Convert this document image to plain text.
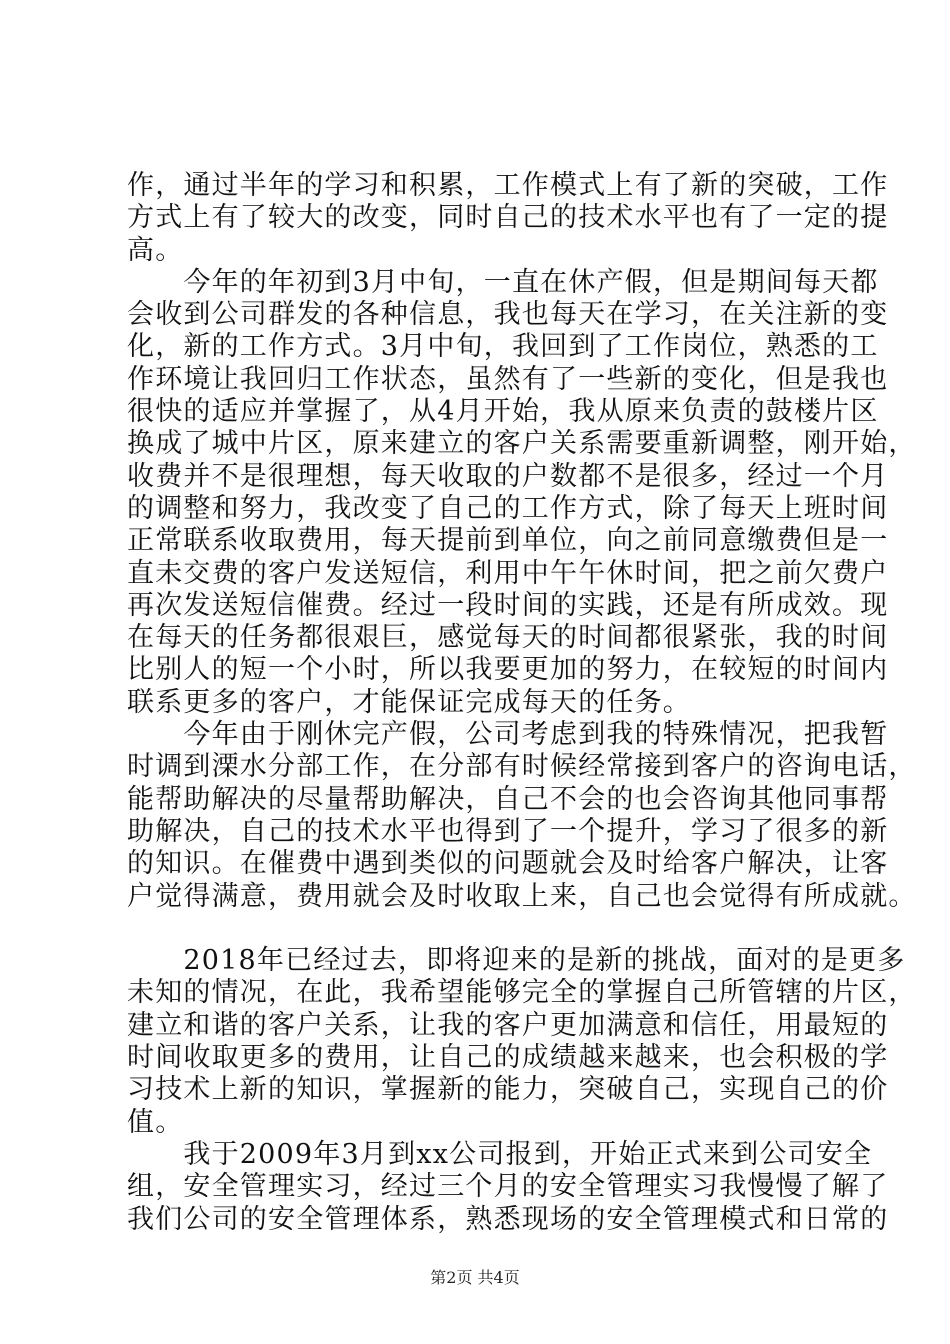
作，通过半年的学习和积累，工作模式上有了新的突破，工作
方式上有了较大的改变，同时自己的技术水平也有了一定的提
高。
　　今年的年初到3月中旬，一直在休产假，但是期间每天都
会收到公司群发的各种信息，我也每天在学习，在关注新的变
化，新的工作方式。3月中旬，我回到了工作岗位，熟悉的工
作环境让我回归工作状态，虽然有了一些新的变化，但是我也
很快的适应并掌握了，从4月开始，我从原来负责的鼓楼片区
换成了城中片区，原来建立的客户关系需要重新调整，刚开始，
收费并不是很理想，每天收取的户数都不是很多，经过一个月
的调整和努力，我改变了自己的工作方式，除了每天上班时间
正常联系收取费用，每天提前到单位，向之前同意缴费但是一
直未交费的客户发送短信，利用中午午休时间，把之前欠费户
再次发送短信催费。经过一段时间的实践，还是有所成效。现
在每天的任务都很艰巨，感觉每天的时间都很紧张，我的时间
比别人的短一个小时，所以我要更加的努力，在较短的时间内
联系更多的客户，才能保证完成每天的任务。
　　今年由于刚休完产假，公司考虑到我的特殊情况，把我暂
时调到溧水分部工作，在分部有时候经常接到客户的咨询电话，
能帮助解决的尽量帮助解决，自己不会的也会咨询其他同事帮
助解决，自己的技术水平也得到了一个提升，学习了很多的新
的知识。在催费中遇到类似的问题就会及时给客户解决，让客
户觉得满意，费用就会及时收取上来，自己也会觉得有所成就。
　　2018年已经过去，即将迎来的是新的挑战，面对的是更多
未知的情况，在此，我希望能够完全的掌握自己所管辖的片区，
建立和谐的客户关系，让我的客户更加满意和信任，用最短的
时间收取更多的费用，让自己的成绩越来越来，也会积极的学
习技术上新的知识，掌握新的能力，突破自己，实现自己的价
值。
　　我于2009年3月到xx公司报到，开始正式来到公司安全
组，安全管理实习，经过三个月的安全管理实习我慢慢了解了
我们公司的安全管理体系，熟悉现场的安全管理模式和日常的
第2页 共4页
